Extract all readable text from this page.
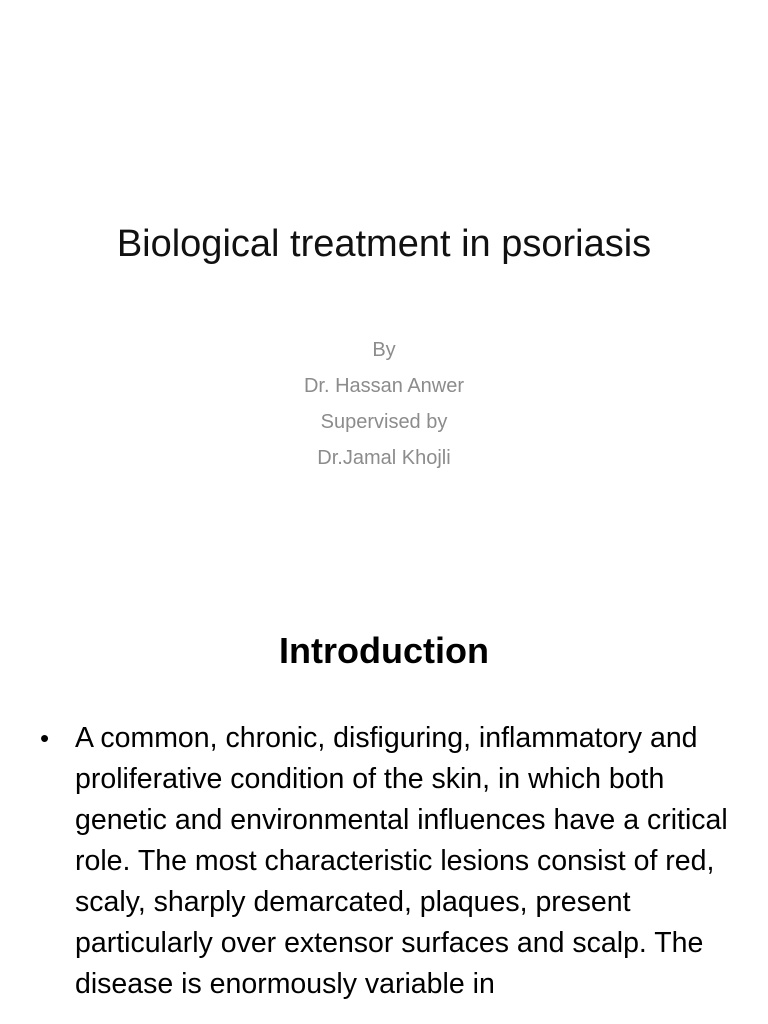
Biological treatment in psoriasis
By
Dr. Hassan Anwer
Supervised by
Dr.Jamal Khojli
Introduction
• A common, chronic, disfiguring, inflammatory and proliferative condition of the skin, in which both genetic and environmental influences have a critical role. The most characteristic lesions consist of red, scaly, sharply demarcated, plaques, present particularly over extensor surfaces and scalp. The disease is enormously variable in
